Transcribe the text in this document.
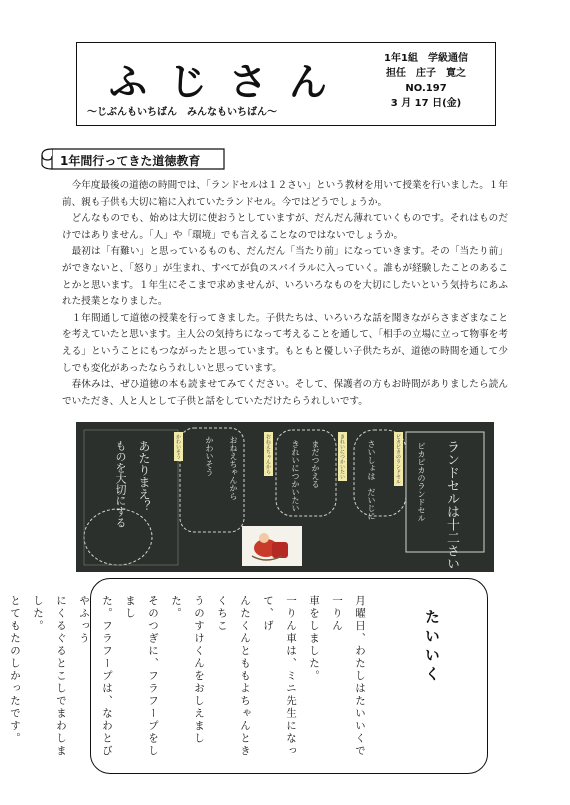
ふじさん
〜じぶんもいちばん　みんなもいちばん〜
1年1組　学級通信
担任　庄子　寛之
NO.197
3 月 17 日(金)
1年間行ってきた道徳教育

今年度最後の道徳の時間では、「ランドセルは１２さい」という教材を用いて授業を行いました。１年前、親も子供も大切に箱に入れていたランドセル。今ではどうでしょうか。

どんなものでも、始めは大切に使おうとしていますが、だんだん薄れていくものです。それはものだけではありません。「人」や「環境」でも言えることなのではないでしょうか。

最初は「有難い」と思っているものも、だんだん「当たり前」になっていきます。その「当たり前」ができないと、「怒り」が生まれ、すべてが負のスパイラルに入っていく。誰もが経験したことのあることかと思います。１年生にそこまで求めませんが、いろいろなものを大切にしたいという気持ちにあふれた授業となりました。

１年間通して道徳の授業を行ってきました。子供たちは、いろいろな話を聞きながらさまざまなことを考えていたと思います。主人公の気持ちになって考えることを通して、「相手の立場に立って物事を考える」ということにもつながったと思っています。もともと優しい子供たちが、道徳の時間を通して少しでも変化があったならうれしいと思っています。

春休みは、ぜひ道徳の本も読ませてみてください。そして、保護者の方もお時間がありましたら読んでいただき、人と人として子供と話をしていただけたらうれしいです。

ランドセルは十二さい
ピカピカのランドセル
ピカピカのランドセル
さいしょは　だいじに
きれいにつかいたい
まだつかえる
きれいにつかいたい
おねえちゃんから
おねえちゃんから
かわいそう
かわいそう
あたりまえ？
ものを大切にする
たいいく

月曜日、わたしはたいいくで一りん

車をしました。

一りん車は、ミニ先生になって、げ

んたくんとももよちゃんときくちこ

うのすけくんをおしえました。

そのつぎに、フラフープをしまし

た。フラフープは、なわとびやふっう

にくるぐるとこしでまわしました。

とてもたのしかったです。
